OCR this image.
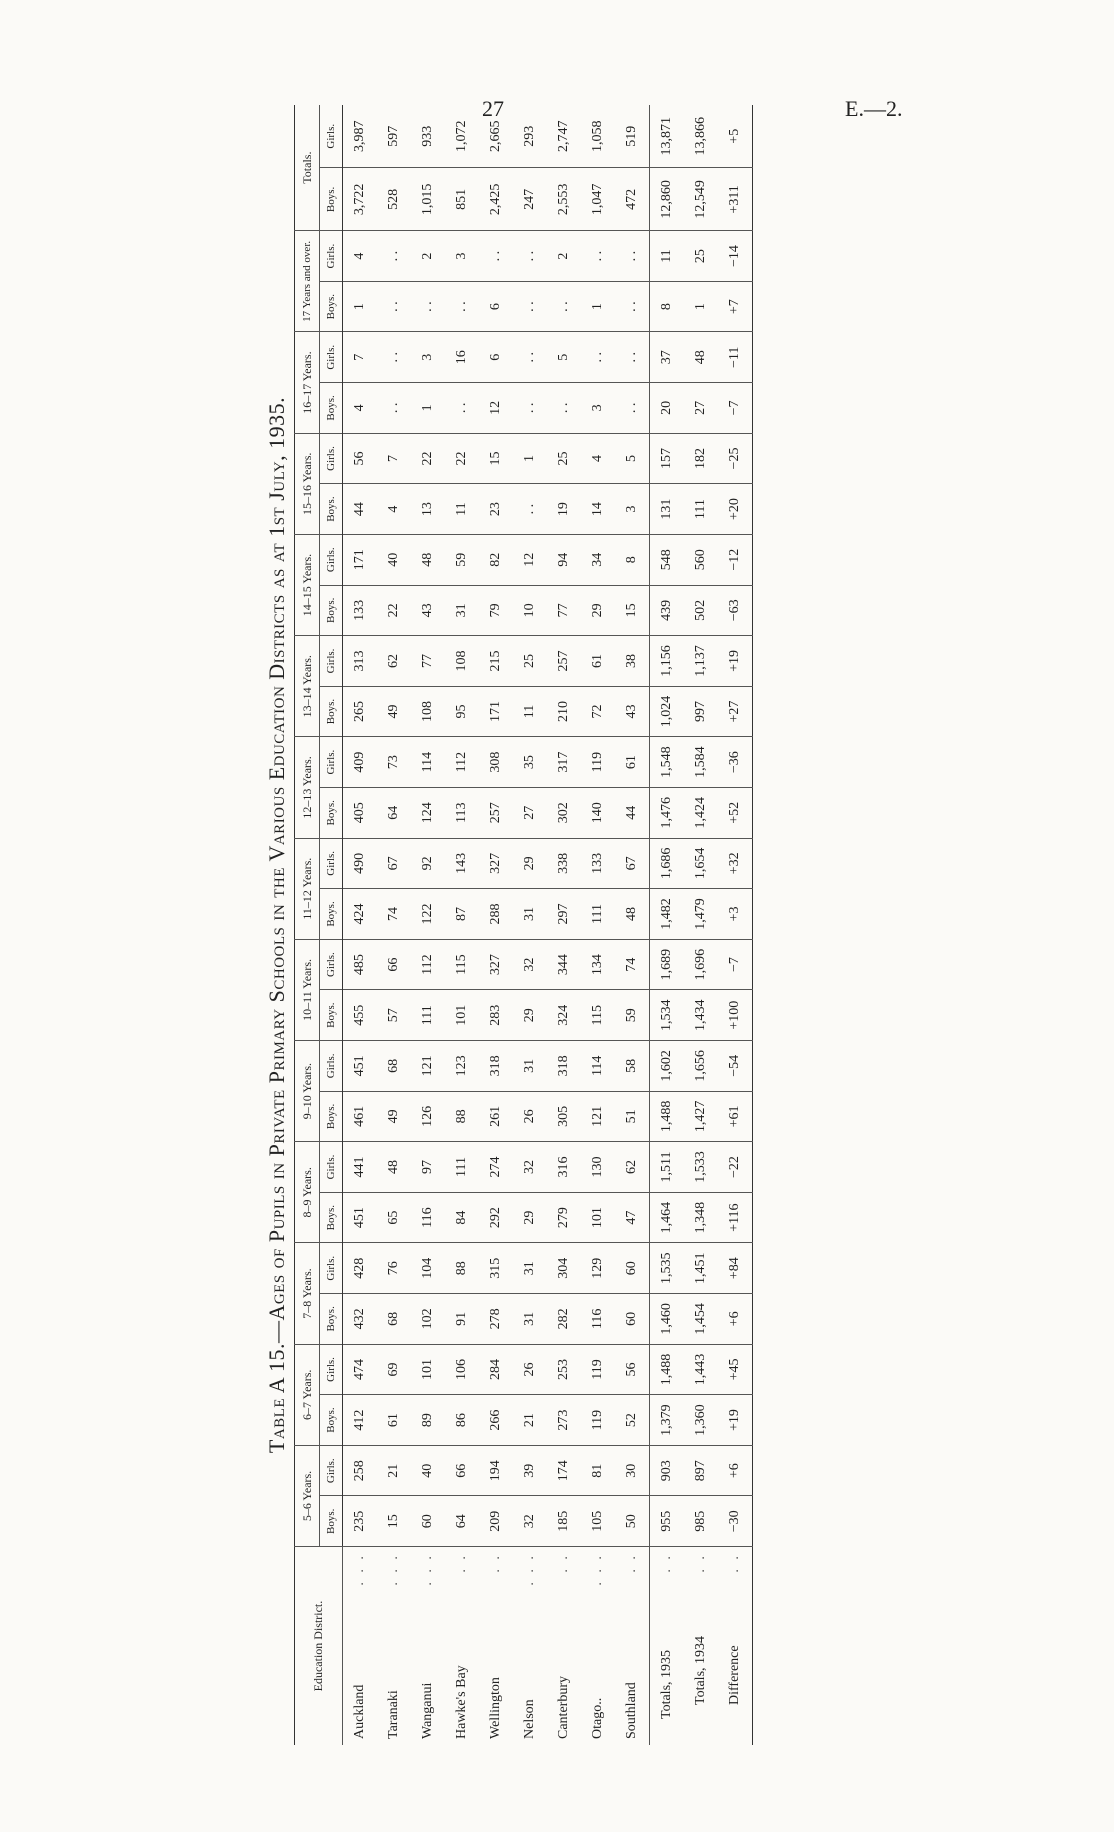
27	E.—2.
Table A 15.—Ages of Pupils in Private Primary Schools in the Various Education Districts as at 1st July, 1935.
Education District.	5–6 Years.		6–7 Years.		7–8 Years.		8–9 Years.		9–10 Years.		10–11 Years.		11–12 Years.		12–13 Years.		13–14 Years.		14–15 Years.		15–16 Years.		16–17 Years.		17 Years and over.		Totals.	
	Boys.	Girls.	Boys.	Girls.	Boys.	Girls.	Boys.	Girls.	Boys.	Girls.	Boys.	Girls.	Boys.	Girls.	Boys.	Girls.	Boys.	Girls.	Boys.	Girls.	Boys.	Girls.	Boys.	Girls.	Boys.	Girls.	Boys.	Girls.

. . .
Auckland	235	258	412	474	432	428	451	441	461	451	455	485	424	490	405	409	265	313	133	171	44	56	4	7	1	4	3,722	3,987

. . .
Taranaki	15	21	61	69	68	76	65	48	49	68	57	66	74	67	64	73	49	62	22	40	4	7	. .	. .	. .	. .	528	597

. . .
Wanganui	60	40	89	101	102	104	116	97	126	121	111	112	122	92	124	114	108	77	43	48	13	22	1	3	. .	2	1,015	933

. .
Hawke's Bay	64	66	86	106	91	88	84	111	88	123	101	115	87	143	113	112	95	108	31	59	11	22	. .	16	. .	3	851	1,072

. .
Wellington	209	194	266	284	278	315	292	274	261	318	283	327	288	327	257	308	171	215	79	82	23	15	12	6	6	. .	2,425	2,665

. . .
Nelson	32	39	21	26	31	31	29	32	26	31	29	32	31	29	27	35	11	25	10	12	. .	1	. .	. .	. .	. .	247	293

. .
Canterbury	185	174	273	253	282	304	279	316	305	318	324	344	297	338	302	317	210	257	77	94	19	25	. .	5	. .	2	2,553	2,747

. . .
Otago..	105	81	119	119	116	129	101	130	121	114	115	134	111	133	140	119	72	61	29	34	14	4	3	. .	1	. .	1,047	1,058

. .
Southland	50	30	52	56	60	60	47	62	51	58	59	74	48	67	44	61	43	38	15	8	3	5	. .	. .	. .	. .	472	519

. .
Totals, 1935	955	903	1,379	1,488	1,460	1,535	1,464	1,511	1,488	1,602	1,534	1,689	1,482	1,686	1,476	1,548	1,024	1,156	439	548	131	157	20	37	8	11	12,860	13,871

. .
Totals, 1934	985	897	1,360	1,443	1,454	1,451	1,348	1,533	1,427	1,656	1,434	1,696	1,479	1,654	1,424	1,584	997	1,137	502	560	111	182	27	48	1	25	12,549	13,866

. .
Difference	−30	+6	+19	+45	+6	+84	+116	−22	+61	−54	+100	−7	+3	+32	+52	−36	+27	+19	−63	−12	+20	−25	−7	−11	+7	−14	+311	+5
